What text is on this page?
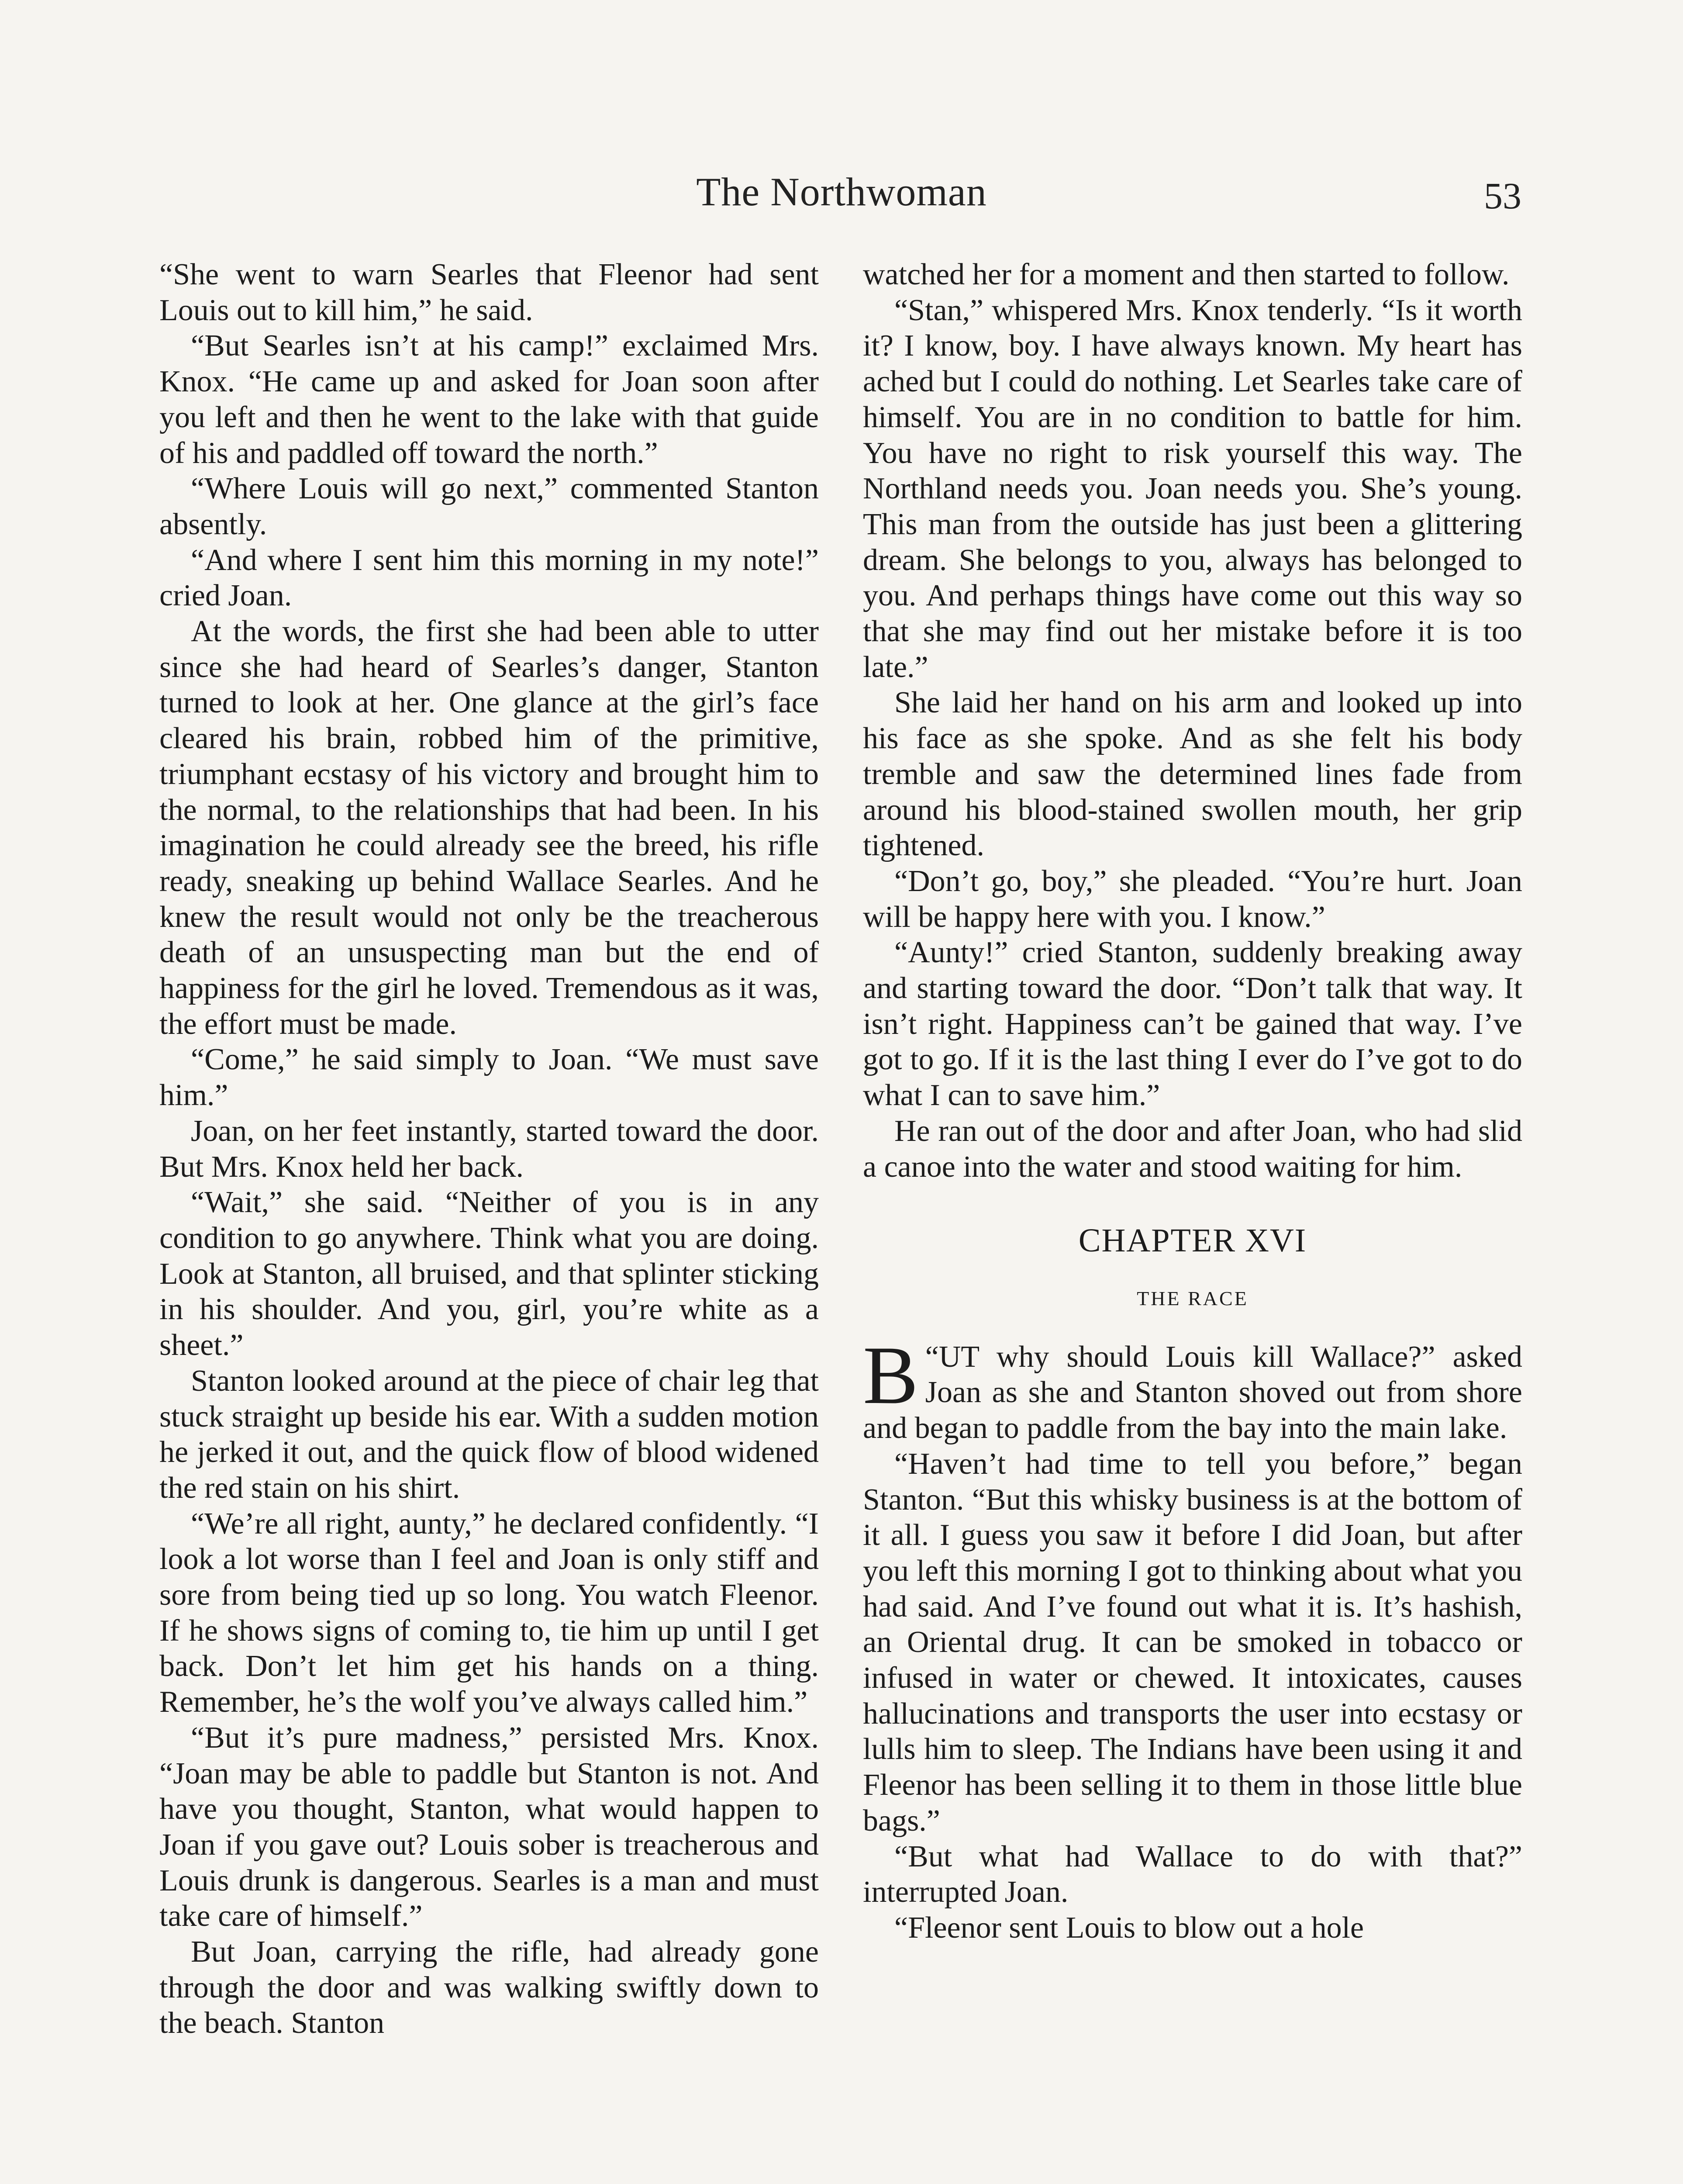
The Northwoman	53

“She went to warn Searles that Fleenor had sent Louis out to kill him,” he said.

“But Searles isn’t at his camp!” exclaimed Mrs. Knox. “He came up and asked for Joan soon after you left and then he went to the lake with that guide of his and paddled off toward the north.”

“Where Louis will go next,” commented Stanton absently.

“And where I sent him this morning in my note!” cried Joan.

At the words, the first she had been able to utter since she had heard of Searles’s danger, Stanton turned to look at her. One glance at the girl’s face cleared his brain, robbed him of the primitive, triumphant ecstasy of his victory and brought him to the normal, to the relationships that had been. In his imagination he could already see the breed, his rifle ready, sneaking up behind Wallace Searles. And he knew the result would not only be the treacherous death of an unsuspecting man but the end of happiness for the girl he loved. Tremendous as it was, the effort must be made.

“Come,” he said simply to Joan. “We must save him.”

Joan, on her feet instantly, started toward the door. But Mrs. Knox held her back.

“Wait,” she said. “Neither of you is in any condition to go anywhere. Think what you are doing. Look at Stanton, all bruised, and that splinter sticking in his shoulder. And you, girl, you’re white as a sheet.”

Stanton looked around at the piece of chair leg that stuck straight up beside his ear. With a sudden motion he jerked it out, and the quick flow of blood widened the red stain on his shirt.

“We’re all right, aunty,” he declared confidently. “I look a lot worse than I feel and Joan is only stiff and sore from being tied up so long. You watch Fleenor. If he shows signs of coming to, tie him up until I get back. Don’t let him get his hands on a thing. Remember, he’s the wolf you’ve always called him.”

“But it’s pure madness,” persisted Mrs. Knox. “Joan may be able to paddle but Stanton is not. And have you thought, Stanton, what would happen to Joan if you gave out? Louis sober is treacherous and Louis drunk is dangerous. Searles is a man and must take care of himself.”

But Joan, carrying the rifle, had already gone through the door and was walking swiftly down to the beach. Stanton

watched her for a moment and then started to follow.

“Stan,” whispered Mrs. Knox tenderly. “Is it worth it? I know, boy. I have always known. My heart has ached but I could do nothing. Let Searles take care of himself. You are in no condition to battle for him. You have no right to risk yourself this way. The Northland needs you. Joan needs you. She’s young. This man from the outside has just been a glittering dream. She belongs to you, always has belonged to you. And perhaps things have come out this way so that she may find out her mistake before it is too late.”

She laid her hand on his arm and looked up into his face as she spoke. And as she felt his body tremble and saw the determined lines fade from around his blood-stained swollen mouth, her grip tightened.

“Don’t go, boy,” she pleaded. “You’re hurt. Joan will be happy here with you. I know.”

“Aunty!” cried Stanton, suddenly breaking away and starting toward the door. “Don’t talk that way. It isn’t right. Happiness can’t be gained that way. I’ve got to go. If it is the last thing I ever do I’ve got to do what I can to save him.”

He ran out of the door and after Joan, who had slid a canoe into the water and stood waiting for him.

CHAPTER XVI

THE RACE

“
B UT why should Louis kill Wallace?” asked Joan as she and Stanton shoved out from shore and began to paddle from the bay into the main lake.

“Haven’t had time to tell you before,” began Stanton. “But this whisky business is at the bottom of it all. I guess you saw it before I did Joan, but after you left this morning I got to thinking about what you had said. And I’ve found out what it is. It’s hashish, an Oriental drug. It can be smoked in tobacco or infused in water or chewed. It intoxicates, causes hallucinations and transports the user into ecstasy or lulls him to sleep. The Indians have been using it and Fleenor has been selling it to them in those little blue bags.”

“But what had Wallace to do with that?” interrupted Joan.

“Fleenor sent Louis to blow out a hole
